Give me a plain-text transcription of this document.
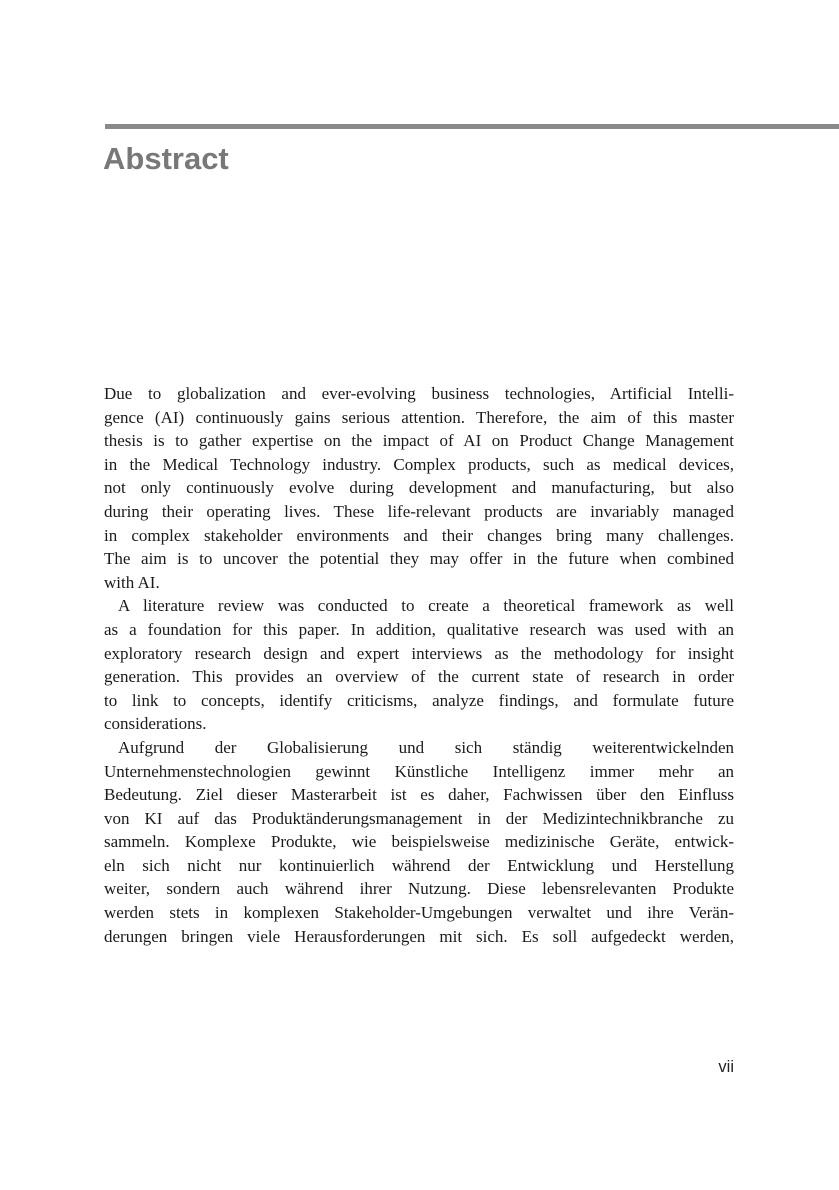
Abstract
Due to globalization and ever-evolving business technologies, Artificial Intelli-
gence (AI) continuously gains serious attention. Therefore, the aim of this master
thesis is to gather expertise on the impact of AI on Product Change Management
in the Medical Technology industry. Complex products, such as medical devices,
not only continuously evolve during development and manufacturing, but also
during their operating lives. These life-relevant products are invariably managed
in complex stakeholder environments and their changes bring many challenges.
The aim is to uncover the potential they may offer in the future when combined
with AI.
A literature review was conducted to create a theoretical framework as well
as a foundation for this paper. In addition, qualitative research was used with an
exploratory research design and expert interviews as the methodology for insight
generation. This provides an overview of the current state of research in order
to link to concepts, identify criticisms, analyze findings, and formulate future
considerations.
Aufgrund der Globalisierung und sich ständig weiterentwickelnden
Unternehmenstechnologien gewinnt Künstliche Intelligenz immer mehr an
Bedeutung. Ziel dieser Masterarbeit ist es daher, Fachwissen über den Einfluss
von KI auf das Produktänderungsmanagement in der Medizintechnikbranche zu
sammeln. Komplexe Produkte, wie beispielsweise medizinische Geräte, entwick-
eln sich nicht nur kontinuierlich während der Entwicklung und Herstellung
weiter, sondern auch während ihrer Nutzung. Diese lebensrelevanten Produkte
werden stets in komplexen Stakeholder-Umgebungen verwaltet und ihre Verän-
derungen bringen viele Herausforderungen mit sich. Es soll aufgedeckt werden,
vii
